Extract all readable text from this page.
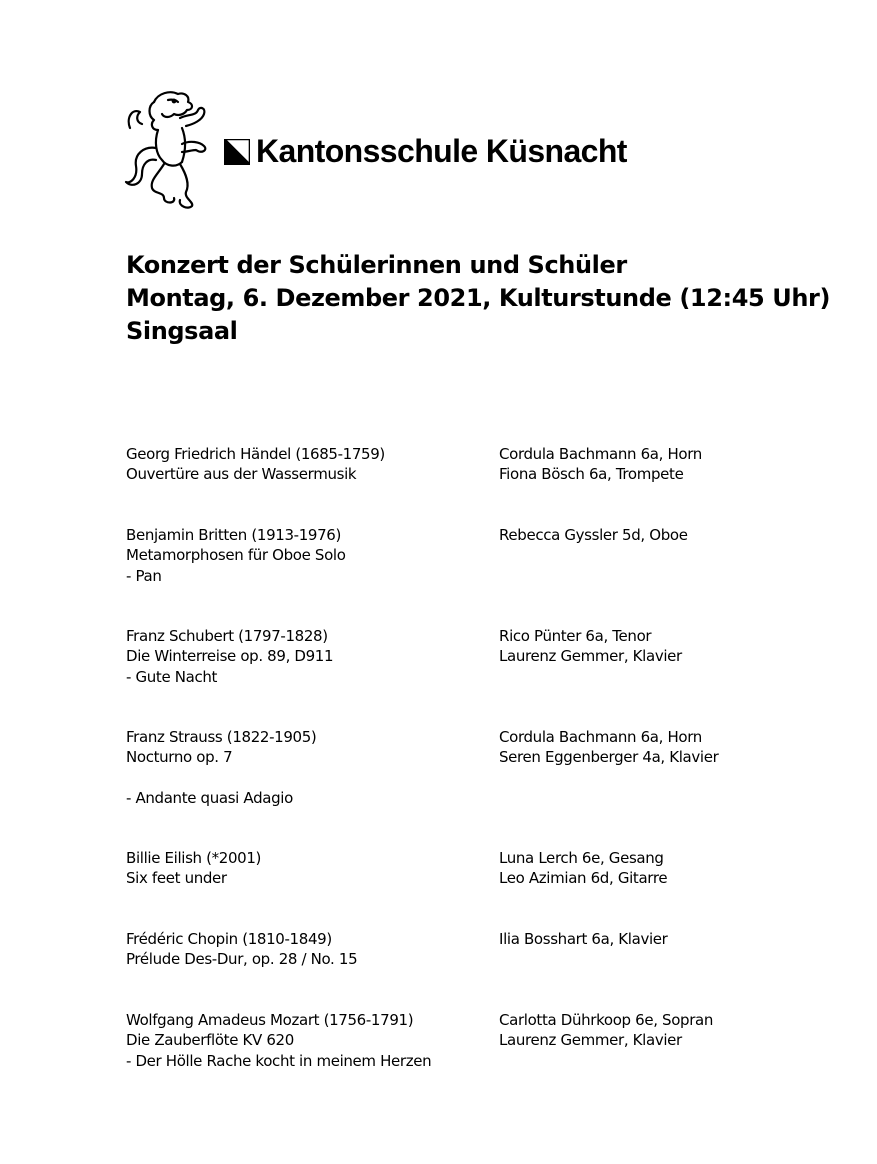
Kantonsschule Küsnacht
Konzert der Schülerinnen und Schüler
Montag, 6. Dezember 2021, Kulturstunde (12:45 Uhr)
Singsaal
Georg Friedrich Händel (1685-1759)
Ouvertüre aus der Wassermusik
Cordula Bachmann 6a, Horn
Fiona Bösch 6a, Trompete
Benjamin Britten (1913-1976)
Metamorphosen für Oboe Solo
- Pan
Rebecca Gyssler 5d, Oboe
Franz Schubert (1797-1828)
Die Winterreise op. 89, D911
- Gute Nacht
Rico Pünter 6a, Tenor
Laurenz Gemmer, Klavier
Franz Strauss (1822-1905)
Nocturno op. 7
- Andante quasi Adagio
Cordula Bachmann 6a, Horn
Seren Eggenberger 4a, Klavier
Billie Eilish (*2001)
Six feet under
Luna Lerch 6e, Gesang
Leo Azimian 6d, Gitarre
Frédéric Chopin (1810-1849)
Prélude Des-Dur, op. 28 / No. 15
Ilia Bosshart 6a, Klavier
Wolfgang Amadeus Mozart (1756-1791)
Die Zauberflöte KV 620
- Der Hölle Rache kocht in meinem Herzen
Carlotta Dührkoop 6e, Sopran
Laurenz Gemmer, Klavier
